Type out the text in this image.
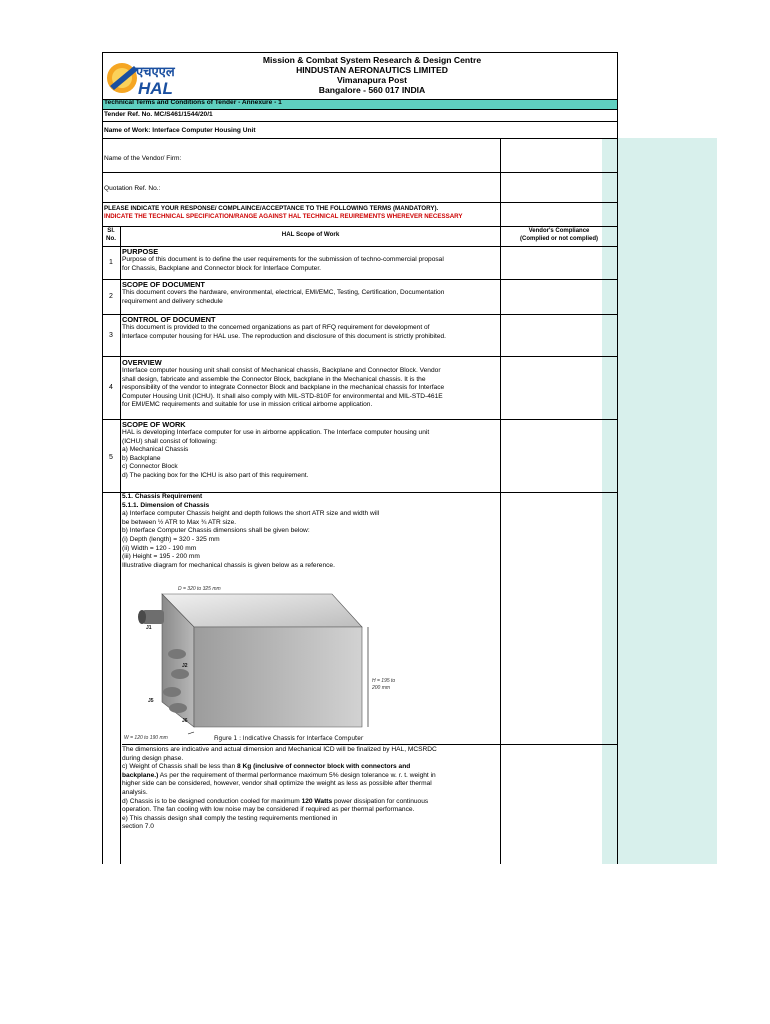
एचएएल
HAL
Mission & Combat System Research & Design Centre
HINDUSTAN AERONAUTICS LIMITED
Vimanapura Post
Bangalore - 560 017 INDIA
Technical Terms and Conditions of Tender - Annexure - 1
Tender Ref. No. MC/S461/1544/20/1
Name of Work: Interface Computer Housing Unit
Name of the Vendor/ Firm:
Quotation Ref. No.:
PLEASE INDICATE YOUR RESPONSE/ COMPLAINCE/ACCEPTANCE TO THE FOLLOWING TERMS (MANDATORY).
INDICATE THE TECHNICAL SPECIFICATION/RANGE AGAINST HAL TECHNICAL REUIREMENTS WHEREVER NECESSARY
Sl.
No.
HAL Scope of Work	Vendor's Compliance
(Complied or not complied)
1
PURPOSE

Purpose of this document is to define the user requirements for the submission of techno-commercial proposal

for Chassis, Backplane and Connector block for Interface Computer.

2
SCOPE OF DOCUMENT

This document covers the hardware, environmental, electrical, EMI/EMC, Testing, Certification, Documentation

requirement and delivery schedule

3
CONTROL OF DOCUMENT

This document is provided to the concerned organizations as part of RFQ requirement for development of

Interface computer housing for HAL use. The reproduction and disclosure of this document is strictly prohibited.

4
OVERVIEW

Interface computer housing unit shall consist of Mechanical chassis, Backplane and Connector Block. Vendor

shall design, fabricate and assemble the Connector Block, backplane in the Mechanical chassis. It is the

responsibility of the vendor to integrate Connector Block and backplane in the mechanical chassis for Interface

Computer Housing Unit (ICHU). It shall also comply with MIL-STD-810F for environmental and MIL-STD-461E

for EMI/EMC requirements and suitable for use in mission critical airborne application.

5
SCOPE OF WORK

HAL is developing Interface computer for use in airborne application. The Interface computer housing unit

(ICHU) shall consist of following:

a) Mechanical Chassis

b) Backplane

c) Connector Block

d) The packing box for the ICHU is also part of this requirement.

5.1. Chassis Requirement
5.1.1. Dimension of Chassis

a) Interface computer Chassis height and depth follows the short ATR size and width will

be between ½ ATR to Max ¾ ATR size.

b) Interface Computer Chassis dimensions shall be given below:

(i) Depth (length) = 320 - 325 mm

(ii) Width = 120 - 190 mm

(iii) Height = 195 - 200 mm

Illustrative diagram for mechanical chassis is given below as a reference.

D = 320 to 325 mm
H = 195 to
200 mm
W = 120 to 190 mm
J2
J5
J6
J1
Figure 1 : Indicative Chassis for Interface Computer

The dimensions are indicative and actual dimension and Mechanical ICD will be finalized by HAL, MCSRDC

during design phase.

c) Weight of Chassis shall be less than 8 Kg (inclusive of connector block with connectors and

backplane.) As per the requirement of thermal performance maximum 5% design tolerance w. r. t. weight in

higher side can be considered, however, vendor shall optimize the weight as less as possible after thermal

analysis.

d) Chassis is to be designed conduction cooled for maximum 120 Watts power dissipation for continuous

operation. The fan cooling with low noise may be considered if required as per thermal performance.

e) This chassis design shall comply the testing requirements mentioned in

section 7.0
